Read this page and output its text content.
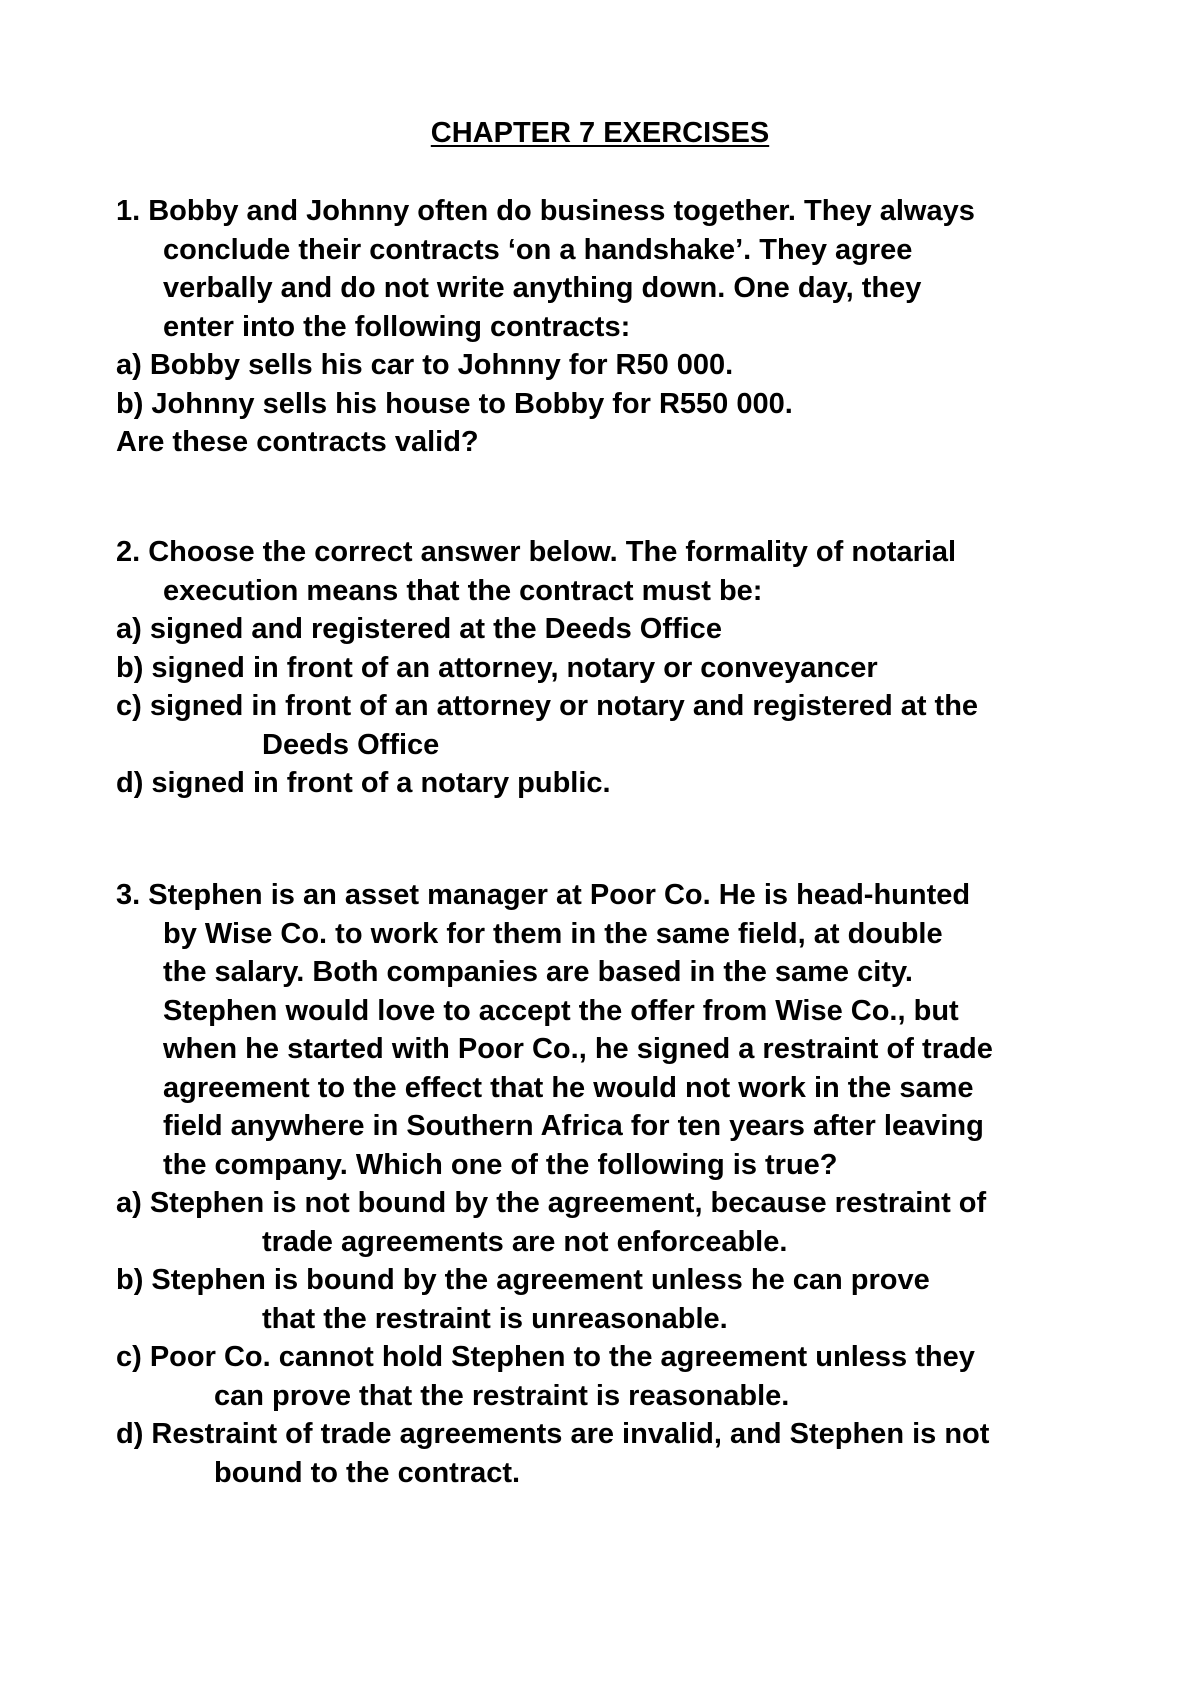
CHAPTER 7 EXERCISES
1. Bobby and Johnny often do business together. They always
conclude their contracts ‘on a handshake’. They agree
verbally and do not write anything down. One day, they
enter into the following contracts:
a) Bobby sells his car to Johnny for R50 000.
b) Johnny sells his house to Bobby for R550 000.
Are these contracts valid?
2. Choose the correct answer below. The formality of notarial
execution means that the contract must be:
a) signed and registered at the Deeds Office
b) signed in front of an attorney, notary or conveyancer
c) signed in front of an attorney or notary and registered at the
Deeds Office
d) signed in front of a notary public.
3. Stephen is an asset manager at Poor Co. He is head-hunted
by Wise Co. to work for them in the same field, at double
the salary. Both companies are based in the same city.
Stephen would love to accept the offer from Wise Co., but
when he started with Poor Co., he signed a restraint of trade
agreement to the effect that he would not work in the same
field anywhere in Southern Africa for ten years after leaving
the company. Which one of the following is true?
a) Stephen is not bound by the agreement, because restraint of
trade agreements are not enforceable.
b) Stephen is bound by the agreement unless he can prove
that the restraint is unreasonable.
c) Poor Co. cannot hold Stephen to the agreement unless they
can prove that the restraint is reasonable.
d) Restraint of trade agreements are invalid, and Stephen is not
bound to the contract.
